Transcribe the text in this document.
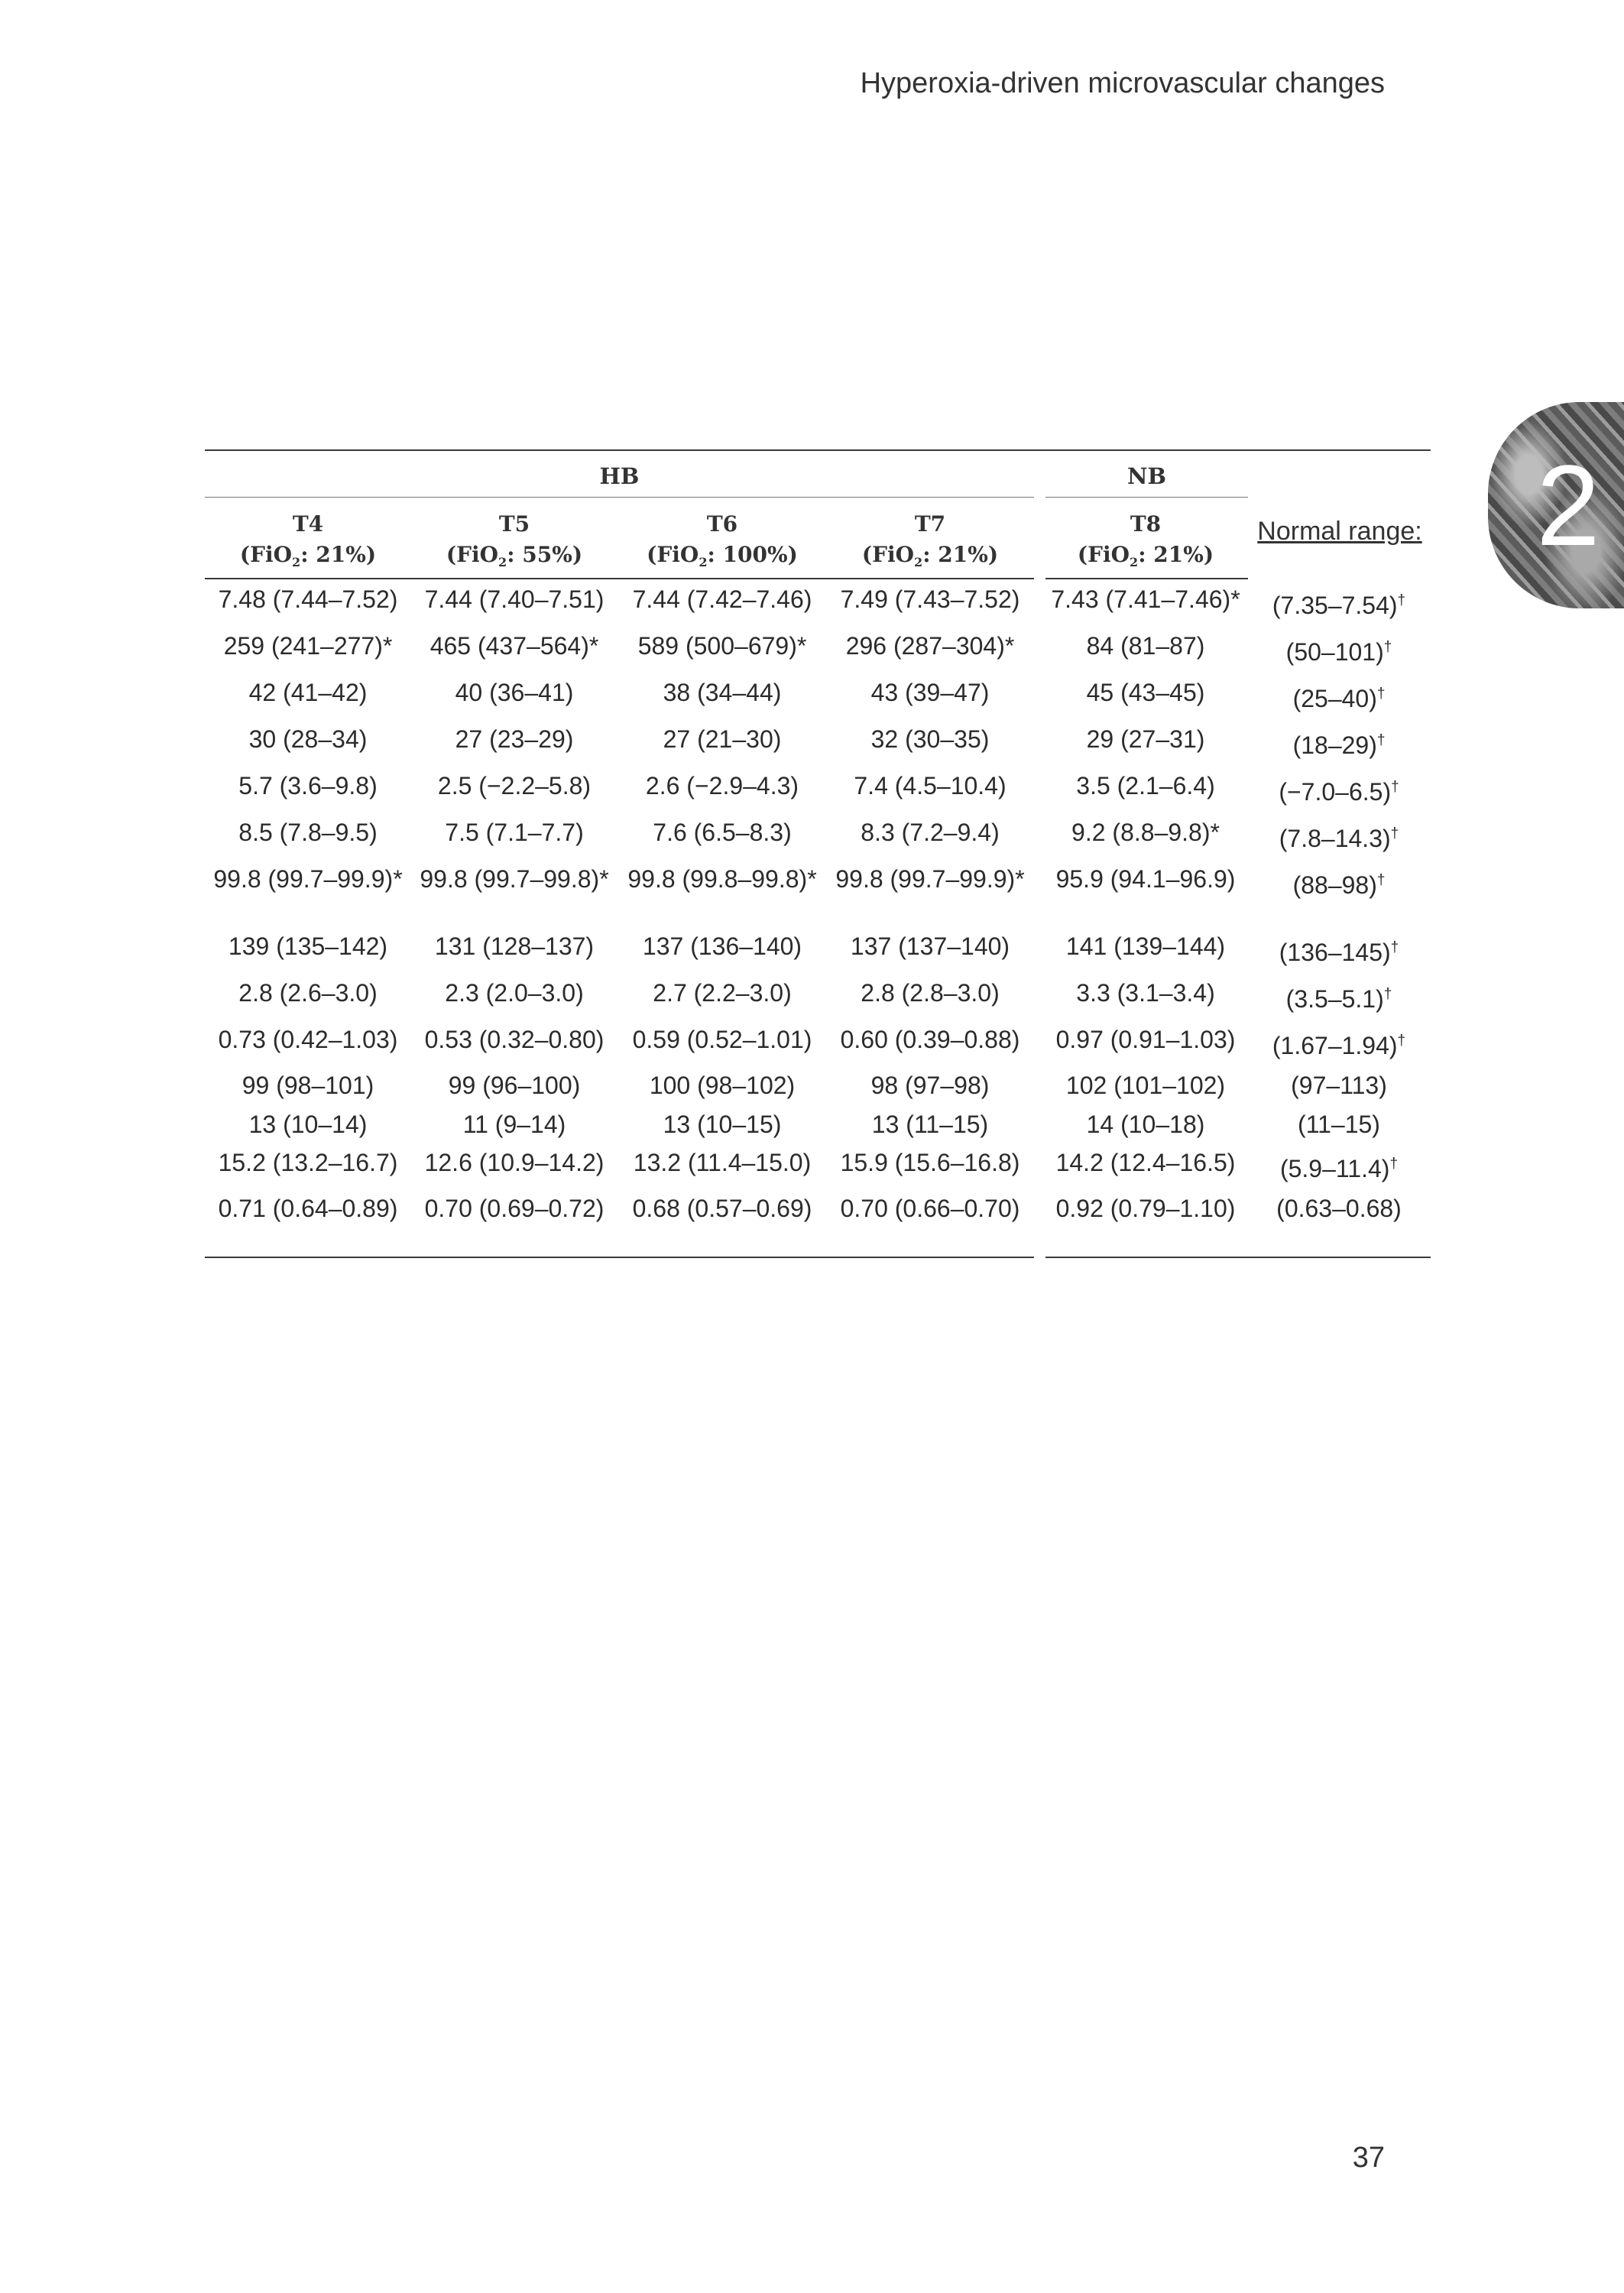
Hyperoxia-driven microvascular changes
2
HB	NB
T4
(FiO$_2$: 21%)
T5
(FiO$_2$: 55%)
T6
(FiO$_2$: 100%)
T7
(FiO$_2$: 21%)
T8
(FiO$_2$: 21%)
Normal range:
7.48 (7.44–7.52) 7.44 (7.40–7.51) 7.44 (7.42–7.46) 7.49 (7.43–7.52) 7.43 (7.41–7.46)* (7.35–7.54)†
259 (241–277)* 465 (437–564)* 589 (500–679)* 296 (287–304)*	84 (81–87)	(50–101)†
42 (41–42)	40 (36–41)	38 (34–44)	43 (39–47)	45 (43–45)	(25–40)†
30 (28–34)	27 (23–29)	27 (21–30)	32 (30–35)	29 (27–31)	(18–29)†
5.7 (3.6–9.8) 2.5 (−2.2–5.8) 2.6 (−2.9–4.3) 7.4 (4.5–10.4)	3.5 (2.1–6.4)	(−7.0–6.5)†
8.5 (7.8–9.5)	7.5 (7.1–7.7)	7.6 (6.5–8.3)	8.3 (7.2–9.4)	9.2 (8.8–9.8)* (7.8–14.3)†
99.8 (99.7–99.9)* 99.8 (99.7–99.8)* 99.8 (99.8–99.8)* 99.8 (99.7–99.9)* 95.9 (94.1–96.9) (88–98)†
139 (135–142) 131 (128–137) 137 (136–140) 137 (137–140) 141 (139–144) (136–145)†
2.8 (2.6–3.0)	2.3 (2.0–3.0)	2.7 (2.2–3.0)	2.8 (2.8–3.0)	3.3 (3.1–3.4)	(3.5–5.1)†
0.73 (0.42–1.03) 0.53 (0.32–0.80) 0.59 (0.52–1.01) 0.60 (0.39–0.88) 0.97 (0.91–1.03) (1.67–1.94)†
99 (98–101)	99 (96–100)	100 (98–102)	98 (97–98)	102 (101–102)	(97–113)
13 (10–14)	11 (9–14)	13 (10–15)	13 (11–15)	14 (10–18)	(11–15)
15.2 (13.2–16.7) 12.6 (10.9–14.2) 13.2 (11.4–15.0) 15.9 (15.6–16.8) 14.2 (12.4–16.5) (5.9–11.4)†
0.71 (0.64–0.89) 0.70 (0.69–0.72) 0.68 (0.57–0.69) 0.70 (0.66–0.70) 0.92 (0.79–1.10) (0.63–0.68)
37
